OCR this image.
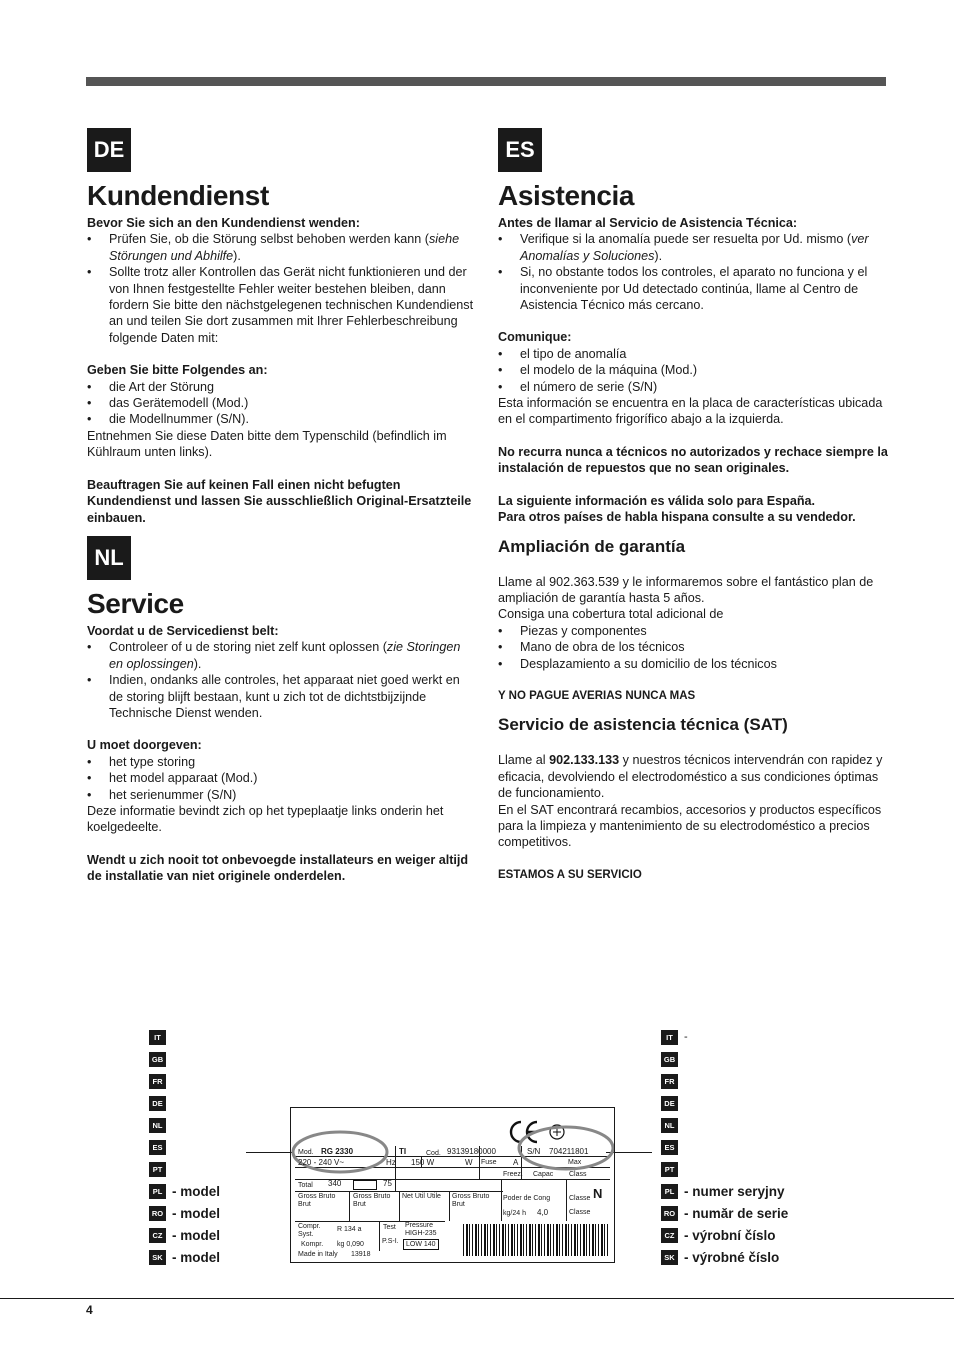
DE
Kundendienst

Bevor Sie sich an den Kundendienst wenden:

• Prüfen Sie, ob die Störung selbst behoben werden kann (siehe Störungen und Abhilfe).
• Sollte trotz aller Kontrollen das Gerät nicht funktionieren und der von Ihnen festgestellte Fehler weiter bestehen bleiben, dann fordern Sie bitte den nächstgelegenen technischen Kundendienst an und teilen Sie dort zusammen mit Ihrer Fehlerbeschreibung folgende Daten mit:

Geben Sie bitte Folgendes an:

• die Art der Störung
• das Gerätemodell (Mod.)
• die Modellnummer (S/N).

Entnehmen Sie diese Daten bitte dem Typenschild (befindlich im Kühlraum unten links).

Beauftragen Sie auf keinen Fall einen nicht befugten Kundendienst und lassen Sie ausschließlich Original-Ersatzteile einbauen.

NL
Service

Voordat u de Servicedienst belt:

• Controleer of u de storing niet zelf kunt oplossen (zie Storingen en oplossingen).
• Indien, ondanks alle controles, het apparaat niet goed werkt en de storing blijft bestaan, kunt u zich tot de dichtstbijzijnde Technische Dienst wenden.

U moet doorgeven:

• het type storing
• het model apparaat (Mod.)
• het serienummer (S/N)

Deze informatie bevindt zich op het typeplaatje links onderin het koelgedeelte.

Wendt u zich nooit tot onbevoegde installateurs en weiger altijd de installatie van niet originele onderdelen.

ES
Asistencia

Antes de llamar al Servicio de Asistencia Técnica:

• Verifique si la anomalía puede ser resuelta por Ud. mismo (ver Anomalías y Soluciones).
• Si, no obstante todos los controles, el aparato no funciona y el inconveniente por Ud detectado continúa, llame al Centro de Asistencia Técnico más cercano.

Comunique:

• el tipo de anomalía
• el modelo de la máquina (Mod.)
• el número de serie (S/N)

Esta información se encuentra en la placa de características ubicada en el compartimento frigorífico abajo a la izquierda.

No recurra nunca a técnicos no autorizados y rechace siempre la instalación de repuestos que no sean originales.

La siguiente información es válida solo para España.

Para otros países de habla hispana consulte a su vendedor.

Ampliación de garantía

Llame al 902.363.539 y le informaremos sobre el fantástico plan de ampliación de garantía hasta 5 años.

Consiga una cobertura total adicional de

• Piezas y componentes
• Mano de obra de los técnicos
• Desplazamiento a su domicilio de los técnicos

Y NO PAGUE AVERIAS NUNCA MAS

Servicio de asistencia técnica (SAT)

Llame al 902.133.133 y nuestros técnicos intervendrán con rapidez y eficacia, devolviendo el electrodoméstico a sus condiciones óptimas de funcionamiento.

En el SAT encontrará recambios, accesorios y productos específicos para la limpieza y mantenimiento de su electrodoméstico a precios competitivos.

ESTAMOS A SU SERVICIO

IT
GB
FR
DE
NL
ES
PT
PL - model
RO - model
CZ - model
SK - model
IT	-
GB
FR
DE
NL
ES
PT
PL - numer seryjny
RO - număr de serie
CZ - výrobní číslo
SK - výrobné číslo
Mod. RG 2330	TI	Cod. 93139180000	S/N 704211801
220 - 240 V~	Hz 150 W	W Fuse A	Max
Total 340	75
Freez. Capac Class
Gross Bruto Brut
Gross Bruto Brut
Net Util Utile	Gross Bruto Brut
Poder de Cong	Classe N
kg/24 h 4,0	Classe
Compr. Syst.
Kompr.
R 134 a
kg 0,090
Test
P.S-I.
Pressure
HIGH-235
LOW 140
Made in Italy 13918
4
